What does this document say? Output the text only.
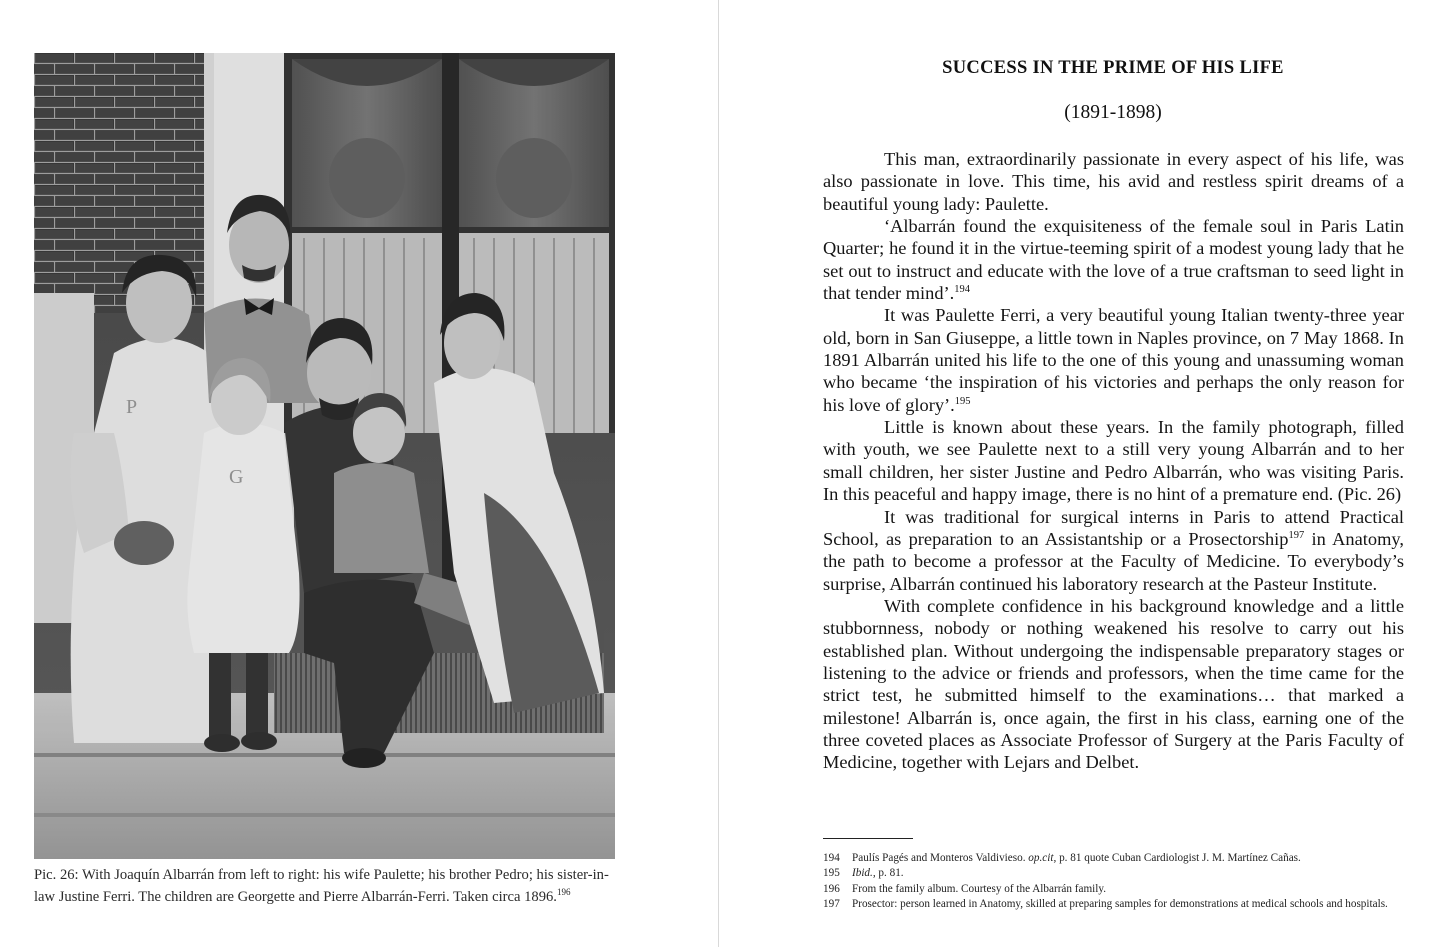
P
G
Pic. 26: With Joaquín Albarrán from left to right: his wife Paulette; his brother Pedro; his sister-in-law Justine Ferri. The children are Georgette and Pierre Albarrán-Ferri. Taken circa 1896.$^{196}$
SUCCESS IN THE PRIME OF HIS LIFE
(1891-1898)

This man, extraordinarily passionate in every aspect of his life, was also passionate in love. This time, his avid and restless spirit dreams of a beautiful young lady: Paulette.

‘Albarrán found the exquisiteness of the female soul in Paris Latin Quarter; he found it in the virtue-teeming spirit of a modest young lady that he set out to instruct and educate with the love of a true craftsman to seed light in that tender mind’.$^{194}$

It was Paulette Ferri, a very beautiful young Italian twenty-three year old, born in San Giuseppe, a little town in Naples province, on 7 May 1868. In 1891 Albarrán united his life to the one of this young and unassuming woman who became ‘the inspiration of his victories and perhaps the only reason for his love of glory’.$^{195}$

Little is known about these years. In the family photograph, filled with youth, we see Paulette next to a still very young Albarrán and to her small children, her sister Justine and Pedro Albarrán, who was visiting Paris. In this peaceful and happy image, there is no hint of a premature end. (Pic. 26)

It was traditional for surgical interns in Paris to attend Practical School, as preparation to an Assistantship or a Prosectorship$^{197}$ in Anatomy, the path to become a professor at the Faculty of Medicine. To everybody’s surprise, Albarrán continued his laboratory research at the Pasteur Institute.

With complete confidence in his background knowledge and a little stubbornness, nobody or nothing weakened his resolve to carry out his established plan. Without undergoing the indispensable preparatory stages or listening to the advice or friends and professors, when the time came for the strict test, he submitted himself to the examinations… that marked a milestone! Albarrán is, once again, the first in his class, earning one of the three coveted places as Associate Professor of Surgery at the Paris Faculty of Medicine, together with Lejars and Delbet.

194	Paulís Pagés and Monteros Valdivieso. op.cit, p. 81 quote Cuban Cardiologist J. M. Martínez Cañas.
195	Ibid., p. 81.
196	From the family album. Courtesy of the Albarrán family.
197	Prosector: person learned in Anatomy, skilled at preparing samples for demonstrations at medical schools and hospitals.
